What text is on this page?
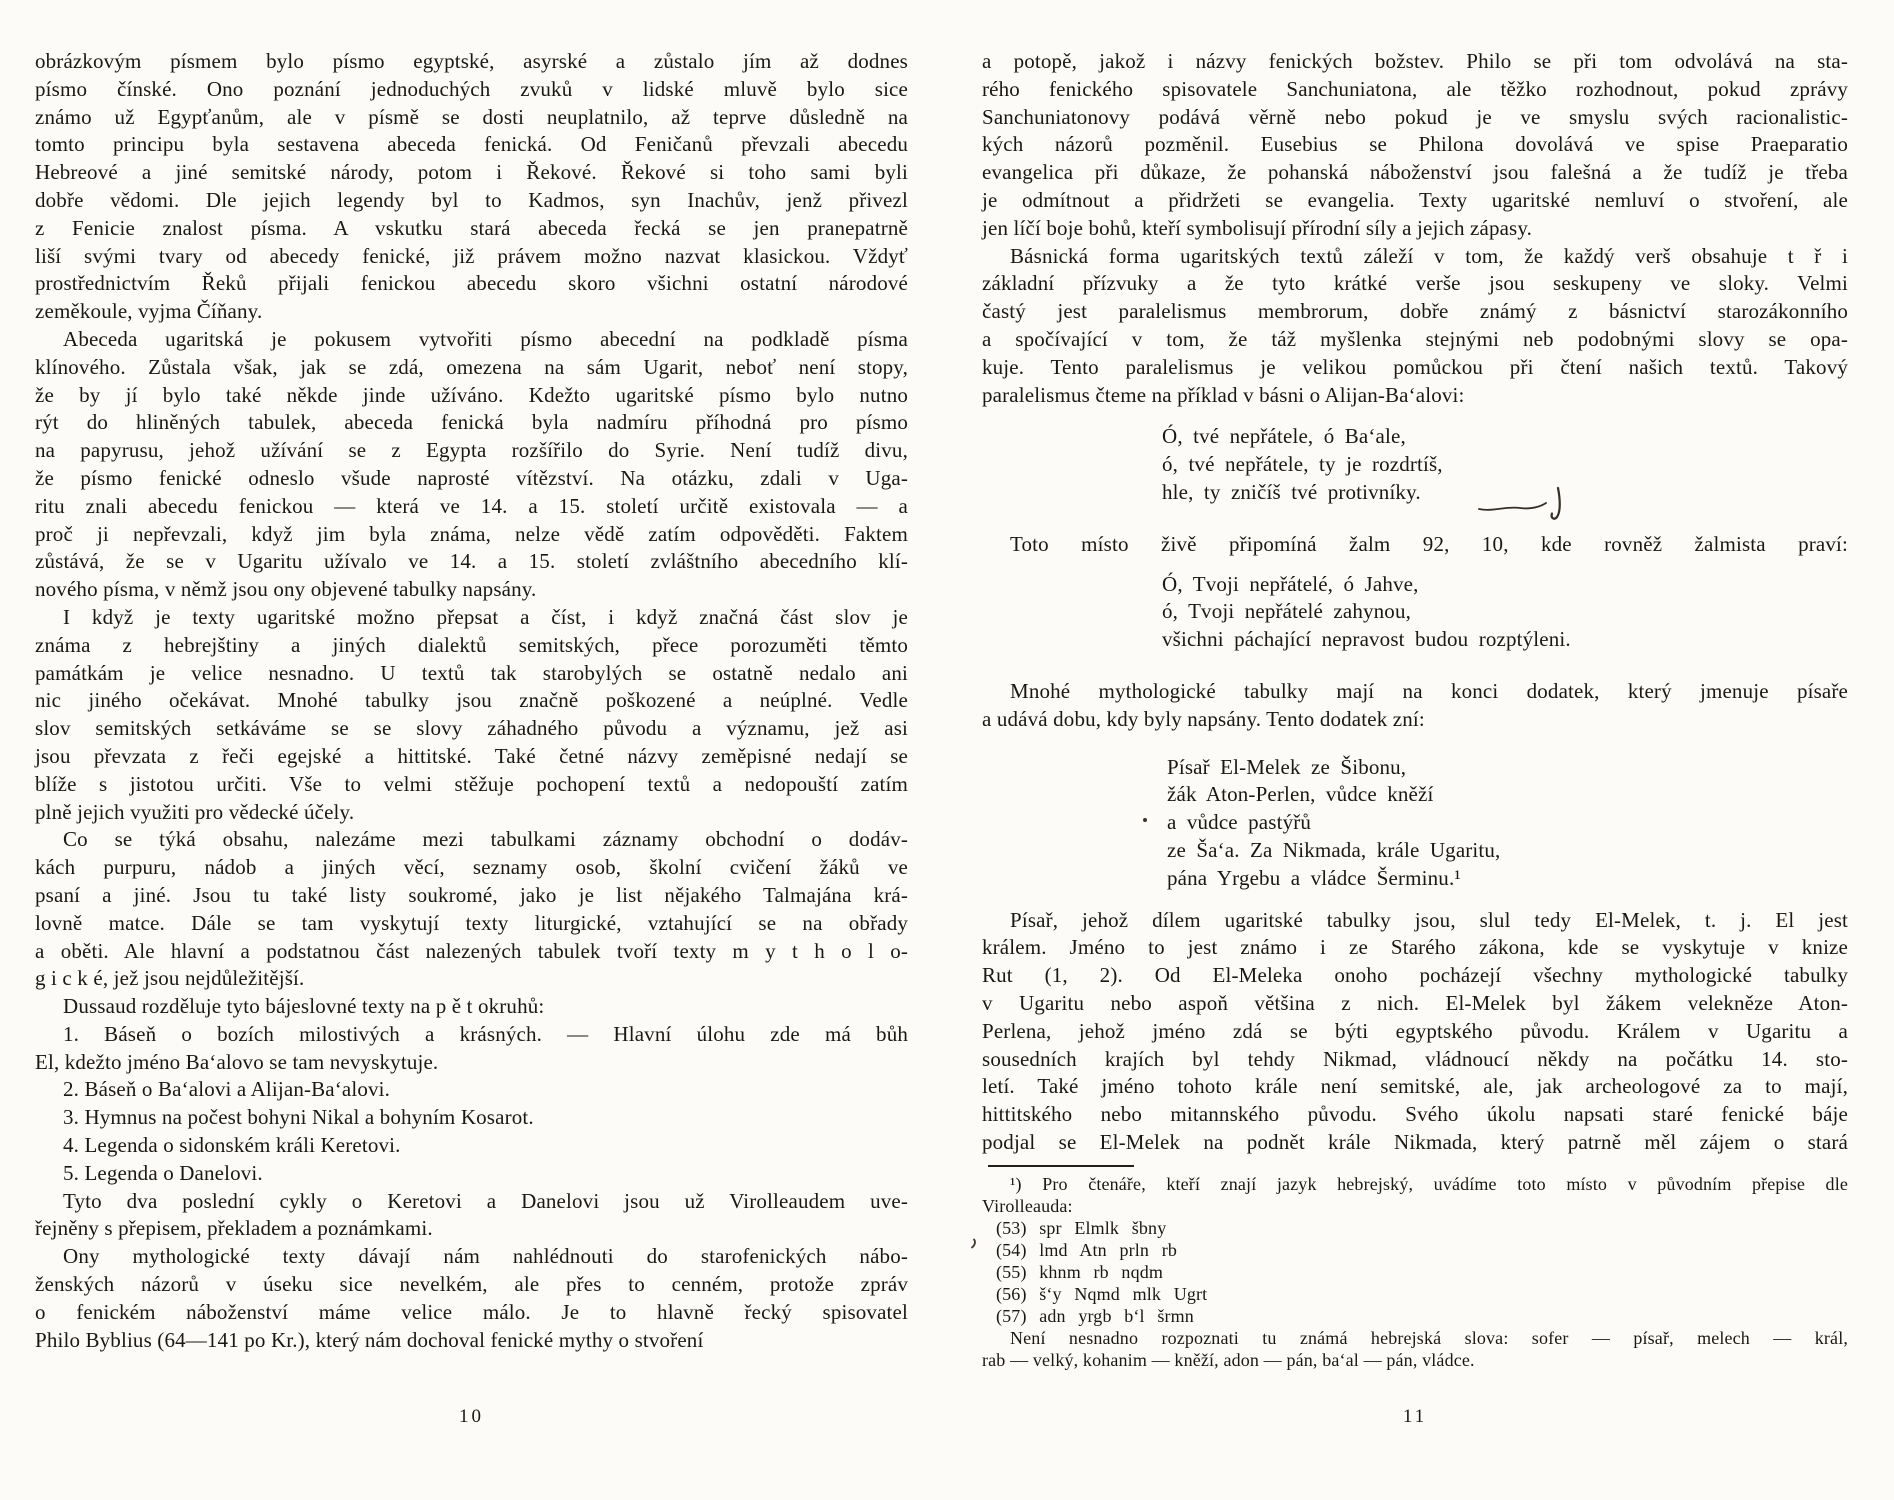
obrázkovým písmem bylo písmo egyptské, asyrské a zůstalo jím až dodnes
písmo čínské. Ono poznání jednoduchých zvuků v lidské mluvě bylo sice
známo už Egypťanům, ale v písmě se dosti neuplatnilo, až teprve důsledně na
tomto principu byla sestavena abeceda fenická. Od Feničanů převzali abecedu
Hebreové a jiné semitské národy, potom i Řekové. Řekové si toho sami byli
dobře vědomi. Dle jejich legendy byl to Kadmos, syn Inachův, jenž přivezl
z Fenicie znalost písma. A vskutku stará abeceda řecká se jen pranepatrně
liší svými tvary od abecedy fenické, již právem možno nazvat klasickou. Vždyť
prostřednictvím Řeků přijali fenickou abecedu skoro všichni ostatní národové
zeměkoule, vyjma Číňany.
Abeceda ugaritská je pokusem vytvořiti písmo abecední na podkladě písma
klínového. Zůstala však, jak se zdá, omezena na sám Ugarit, neboť není stopy,
že by jí bylo také někde jinde užíváno. Kdežto ugaritské písmo bylo nutno
rýt do hliněných tabulek, abeceda fenická byla nadmíru příhodná pro písmo
na papyrusu, jehož užívání se z Egypta rozšířilo do Syrie. Není tudíž divu,
že písmo fenické odneslo všude naprosté vítězství. Na otázku, zdali v Uga-
ritu znali abecedu fenickou — která ve 14. a 15. století určitě existovala — a
proč ji nepřevzali, když jim byla známa, nelze vědě zatím odpověděti. Faktem
zůstává, že se v Ugaritu užívalo ve 14. a 15. století zvláštního abecedního klí-
nového písma, v němž jsou ony objevené tabulky napsány.
I když je texty ugaritské možno přepsat a číst, i když značná část slov je
známa z hebrejštiny a jiných dialektů semitských, přece porozuměti těmto
památkám je velice nesnadno. U textů tak starobylých se ostatně nedalo ani
nic jiného očekávat. Mnohé tabulky jsou značně poškozené a neúplné. Vedle
slov semitských setkáváme se se slovy záhadného původu a významu, jež asi
jsou převzata z řeči egejské a hittitské. Také četné názvy zeměpisné nedají se
blíže s jistotou určiti. Vše to velmi stěžuje pochopení textů a nedopouští zatím
plně jejich využiti pro vědecké účely.
Co se týká obsahu, nalezáme mezi tabulkami záznamy obchodní o dodáv-
kách purpuru, nádob a jiných věcí, seznamy osob, školní cvičení žáků ve
psaní a jiné. Jsou tu také listy soukromé, jako je list nějakého Talmajána krá-
lovně matce. Dále se tam vyskytují texty liturgické, vztahující se na obřady
a oběti. Ale hlavní a podstatnou část nalezených tabulek tvoří texty m y t h o l o-
g i c k é, jež jsou nejdůležitější.
Dussaud rozděluje tyto bájeslovné texty na p ě t okruhů:
1. Báseň o bozích milostivých a krásných. — Hlavní úlohu zde má bůh
El, kdežto jméno Baʻalovo se tam nevyskytuje.
2. Báseň o Baʻalovi a Alijan-Baʻalovi.
3. Hymnus na počest bohyni Nikal a bohyním Kosarot.
4. Legenda o sidonském králi Keretovi.
5. Legenda o Danelovi.
Tyto dva poslední cykly o Keretovi a Danelovi jsou už Virolleaudem uve-
řejněny s přepisem, překladem a poznámkami.
Ony mythologické texty dávají nám nahlédnouti do starofenických nábo-
ženských názorů v úseku sice nevelkém, ale přes to cenném, protože zpráv
o fenickém náboženství máme velice málo. Je to hlavně řecký spisovatel
Philo Byblius (64—141 po Kr.), který nám dochoval fenické mythy o stvoření
a potopě, jakož i názvy fenických božstev. Philo se při tom odvolává na sta-
rého fenického spisovatele Sanchuniatona, ale těžko rozhodnout, pokud zprávy
Sanchuniatonovy podává věrně nebo pokud je ve smyslu svých racionalistic-
kých názorů pozměnil. Eusebius se Philona dovolává ve spise Praeparatio
evangelica při důkaze, že pohanská náboženství jsou falešná a že tudíž je třeba
je odmítnout a přidržeti se evangelia. Texty ugaritské nemluví o stvoření, ale
jen líčí boje bohů, kteří symbolisují přírodní síly a jejich zápasy.
Básnická forma ugaritských textů záleží v tom, že každý verš obsahuje t ř i
základní přízvuky a že tyto krátké verše jsou seskupeny ve sloky. Velmi
častý jest paralelismus membrorum, dobře známý z básnictví starozákonního
a spočívající v tom, že táž myšlenka stejnými neb podobnými slovy se opa-
kuje. Tento paralelismus je velikou pomůckou při čtení našich textů. Takový
paralelismus čteme na příklad v básni o Alijan-Baʻalovi:
Ó, tvé nepřátele, ó Baʻale,
ó, tvé nepřátele, ty je rozdrtíš,
hle, ty zničíš tvé protivníky.
Toto místo živě připomíná žalm 92, 10, kde rovněž žalmista praví:
Ó, Tvoji nepřátelé, ó Jahve,
ó, Tvoji nepřátelé zahynou,
všichni páchající nepravost budou rozptýleni.
Mnohé mythologické tabulky mají na konci dodatek, který jmenuje písaře
a udává dobu, kdy byly napsány. Tento dodatek zní:
Písař El-Melek ze Šibonu,
žák Aton-Perlen, vůdce kněží
a vůdce pastýřů
ze Šaʻa. Za Nikmada, krále Ugaritu,
pána Yrgebu a vládce Šerminu.¹
Písař, jehož dílem ugaritské tabulky jsou, slul tedy El-Melek, t. j. El jest
králem. Jméno to jest známo i ze Starého zákona, kde se vyskytuje v knize
Rut (1, 2). Od El-Meleka onoho pocházejí všechny mythologické tabulky
v Ugaritu nebo aspoň většina z nich. El-Melek byl žákem velekněze Aton-
Perlena, jehož jméno zdá se býti egyptského původu. Králem v Ugaritu a
sousedních krajích byl tehdy Nikmad, vládnoucí někdy na počátku 14. sto-
letí. Také jméno tohoto krále není semitské, ale, jak archeologové za to mají,
hittitského nebo mitannského původu. Svého úkolu napsati staré fenické báje
podjal se El-Melek na podnět krále Nikmada, který patrně měl zájem o stará
¹) Pro čtenáře, kteří znají jazyk hebrejský, uvádíme toto místo v původním přepise dle
Virolleauda:
(53) spr Elmlk šbny
(54) lmd Atn prln rb
(55) khnm rb nqdm
(56) šʻy Nqmd mlk Ugrt
(57) adn yrgb bʻl šrmn
Není nesnadno rozpoznati tu známá hebrejská slova: sofer — písař, melech — král,
rab — velký, kohanim — kněží, adon — pán, baʻal — pán, vládce.
10	11
